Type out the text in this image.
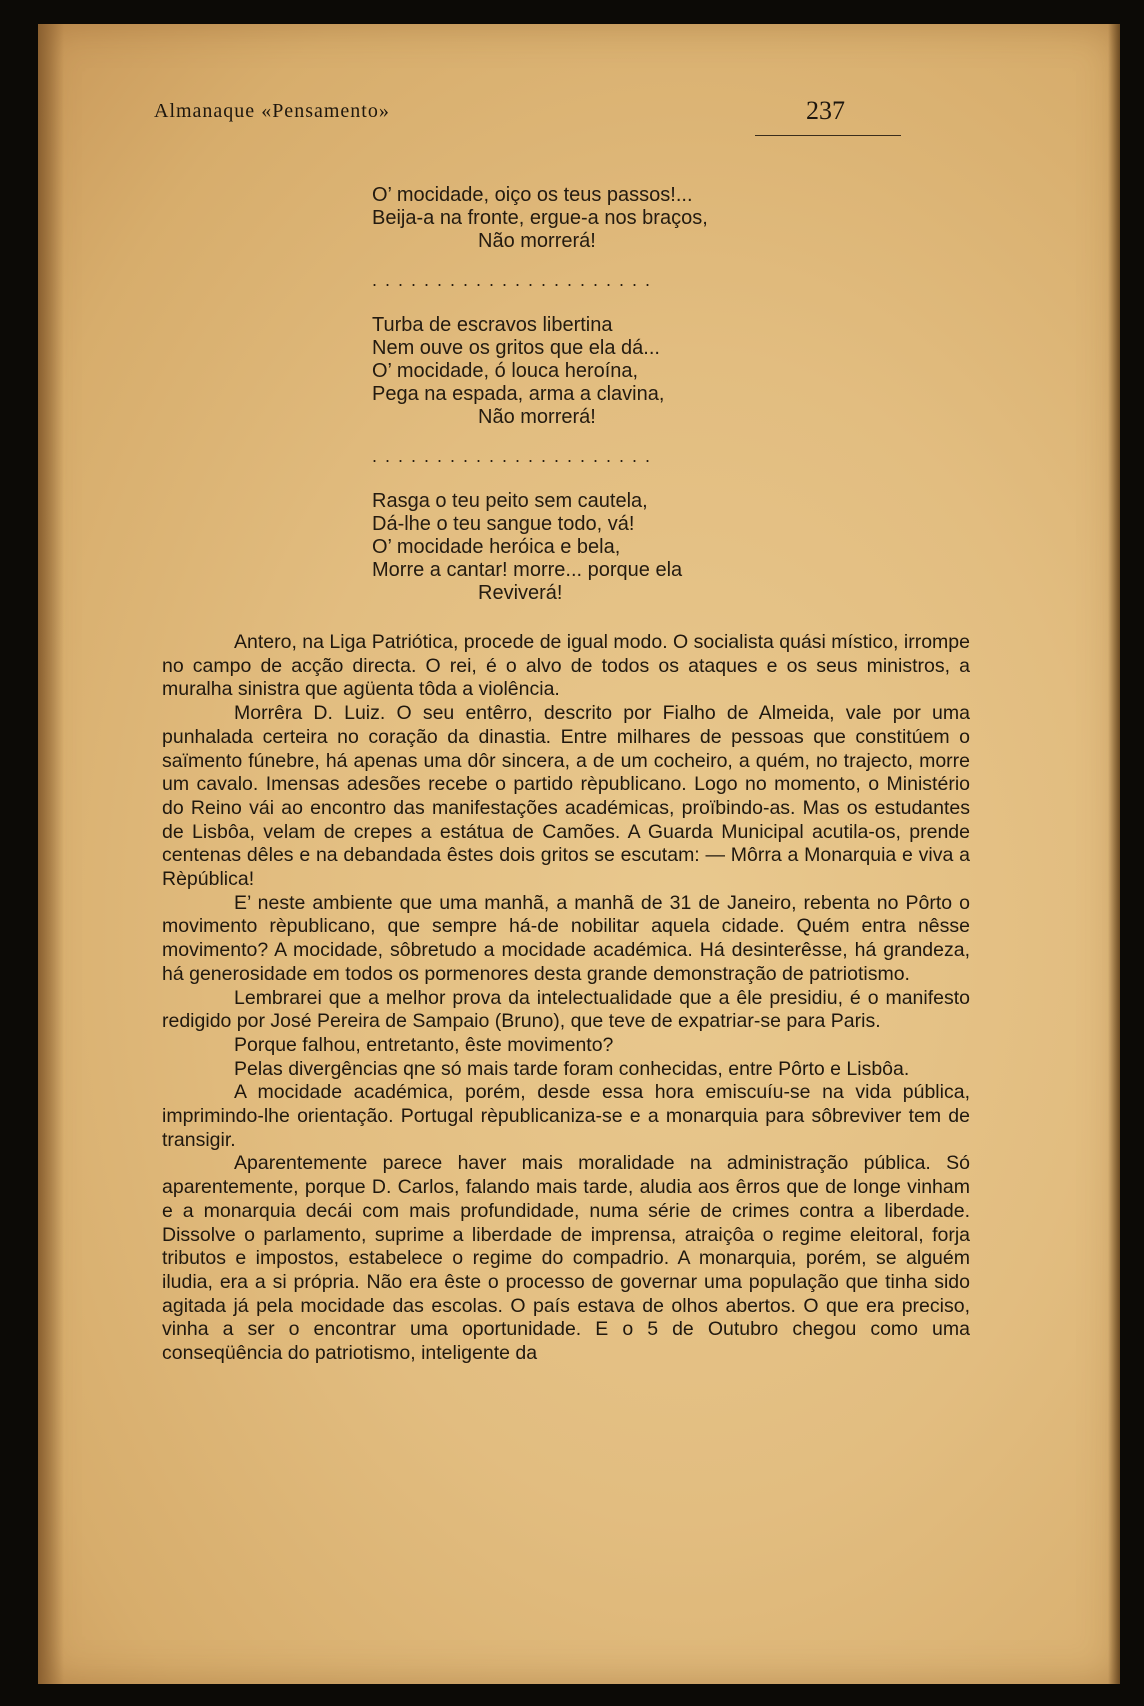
Almanaque «Pensamento»	237
O’ mocidade, oiço os teus passos!...
Beija-a na fronte, ergue-a nos braços,
Não morrerá!
......................
Turba de escravos libertina
Nem ouve os gritos que ela dá...
O’ mocidade, ó louca heroína,
Pega na espada, arma a clavina,
Não morrerá!
......................
Rasga o teu peito sem cautela,
Dá-lhe o teu sangue todo, vá!
O’ mocidade heróica e bela,
Morre a cantar! morre... porque ela
Reviverá!

Antero, na Liga Patriótica, procede de igual modo. O socialista quási místico, irrompe no campo de acção directa. O rei, é o alvo de todos os ataques e os seus ministros, a muralha sinistra que agüenta tôda a violência.

Morrêra D. Luiz. O seu entêrro, descrito por Fialho de Almeida, vale por uma punhalada certeira no coração da dinastia. Entre milhares de pessoas que constitúem o saïmento fúnebre, há apenas uma dôr sincera, a de um cocheiro, a quém, no trajecto, morre um cavalo. Imensas adesões recebe o partido rèpublicano. Logo no momento, o Ministério do Reino vái ao encontro das manifestações académicas, proïbindo-as. Mas os estudantes de Lisbôa, velam de crepes a estátua de Camões. A Guarda Municipal acutila-os, prende centenas dêles e na debandada êstes dois gritos se escutam: — Môrra a Monarquia e viva a Rèpública!

E’ neste ambiente que uma manhã, a manhã de 31 de Janeiro, rebenta no Pôrto o movimento rèpublicano, que sempre há-de nobilitar aquela cidade. Quém entra nêsse movimento? A mocidade, sôbretudo a mocidade académica. Há desinterêsse, há grandeza, há generosidade em todos os pormenores desta grande demonstração de patriotismo.

Lembrarei que a melhor prova da intelectualidade que a êle presidiu, é o manifesto redigido por José Pereira de Sampaio (Bruno), que teve de expatriar-se para Paris.

Porque falhou, entretanto, êste movimento?

Pelas divergências qne só mais tarde foram conhecidas, entre Pôrto e Lisbôa.

A mocidade académica, porém, desde essa hora emiscuíu-se na vida pública, imprimindo-lhe orientação. Portugal rèpublicaniza-se e a monarquia para sôbreviver tem de transigir.

Aparentemente parece haver mais moralidade na administração pública. Só aparentemente, porque D. Carlos, falando mais tarde, aludia aos êrros que de longe vinham e a monarquia decái com mais profundidade, numa série de crimes contra a liberdade. Dissolve o parlamento, suprime a liberdade de imprensa, atraiçôa o regime eleitoral, forja tributos e impostos, estabelece o regime do compadrio. A monarquia, porém, se alguém iludia, era a si própria. Não era êste o processo de governar uma população que tinha sido agitada já pela mocidade das escolas. O país estava de olhos abertos. O que era preciso, vinha a ser o encontrar uma oportunidade. E o 5 de Outubro chegou como uma conseqüência do patriotismo, inteligente da
